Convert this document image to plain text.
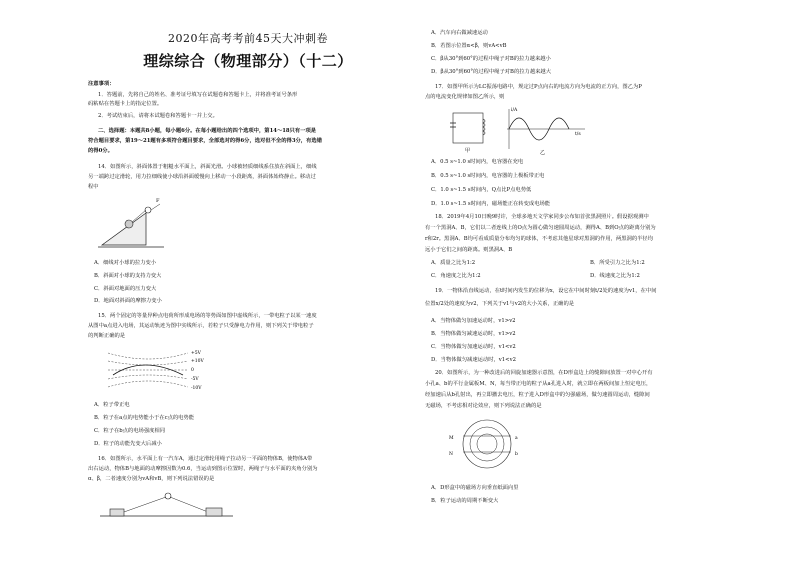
2020年高考考前45天大冲刺卷
理综综合（物理部分）（十二）
注意事项：
1．答题前，先将自己的姓名、准考证号填写在试题卷和答题卡上，并将准考证号条形
码粘贴在答题卡上的指定位置。
2．考试结束后，请将本试题卷和答题卡一并上交。
二、选择题：本题共8小题，每小题6分。在每小题给出的四个选项中，第14～18只有一项是
符合题目要求，第19～21题有多项符合题目要求，全部选对的得6分，选对但不全的得3分，有选错
的得0分。
14．如图所示，斜面体置于粗糙水平面上，斜面光滑。小球被轻质细线系住放在斜面上，细线
另一端跨过定滑轮，用力拉细线使小球沿斜面缓慢向上移动一小段距离，斜面体始终静止。移动过
程中
F
A．细线对小球的拉力变小
B．斜面对小球的支持力变大
C．斜面对地面的压力变大
D．地面对斜面的摩擦力变小
15．两个固定的等量异种点电荷所形成电场的等势面如图中虚线所示，一带电粒子以某一速度
从图中a点进入电场，其运动轨迹为图中实线所示，若粒子只受静电力作用，则下列关于带电粒子
的判断正确的是
+5V
+10V
0
-5V
-10V
A．粒子带正电
B．粒子在a点的电势能小于在c点的电势能
C．粒子在b点的电场强度相同
D．粒子的动能先变大后减小
16．如图所示，水平面上有一汽车A，通过定滑轮用绳子拉动另一平面的物体B，使物体A带
出右运动，物体B与地面的动摩擦因数为0.6，当运动到图示位置时，两绳子与水平面的夹角分别为
α、β，二者速度分别为vA和vB，则下列说法错误的是
A．汽车向右做减速运动
B．若图示位置α<β，则vA<vB
C．β从30°到60°的过程中绳子对B的拉力越来越小
D．β从30°到60°的过程中绳子对B的拉力越来越大
17．如图甲所示为LC振荡电路中，规定过P点向右的电流方向为电流的正方向，图乙为P
点的电流变化规律如图乙所示，则
甲
i/A
t/s
乙
A．0.5 s~1.0 s时间内，电容器在充电
B．0.5 s~1.0 s时间内，电容器的上极板带正电
C．1.0 s~1.5 s时间内，Q点比P点电势低
D．1.0 s~1.5 s时间内，磁场能正在转变成电场能
18．2019年4月10日晚9时许，全球多地天文学家同步公布如首张黑洞照片。假设据观测中
有一个黑洞A、B，它们以二者连线上的O点为圆心做匀速圆周运动，测得A、B到O点的距离分别为
r和2r。黑洞A、B均可看成质量分布均匀的球体，不考虑其他星球对黑洞的作用，两黑洞的半径均
远小于它们之间的距离。则黑洞A、B
A．质量之比为1:2	B．所受引力之比为1:2
C．角速度之比为1:2	D．线速度之比为1:2
19．一物体沿直线运动，在t时间内发生的位移为x，设它在中间时刻t/2处的速度为v1，在中间
位置x/2处的速度为v2，下列关于v1与v2的大小关系，正确的是
A．当物体做匀加速运动时，v1>v2
B．当物体做匀减速运动时，v1>v2
C．当物体做匀加速运动时，v1<v2
D．当物体做匀减速运动时，v1<v2
20．如图所示，为一种改进后的回旋加速器示意图，在D形盒边上的缝隙间放置一对中心开有
小孔a、b的平行金属板M、N，每当带正电的粒子从a孔进入时，就立即在两板间加上恒定电压，
经加速后从b孔射出，再立即撤去电压，粒子进入D形盒中的匀强磁场，做匀速圆周运动，缝隙间
无磁场，不考虑相对论效应，则下列说法正确的是
M
N
a
b
A．D形盒中的磁场方向垂直纸面向里
B．粒子运动的周期不断变大
